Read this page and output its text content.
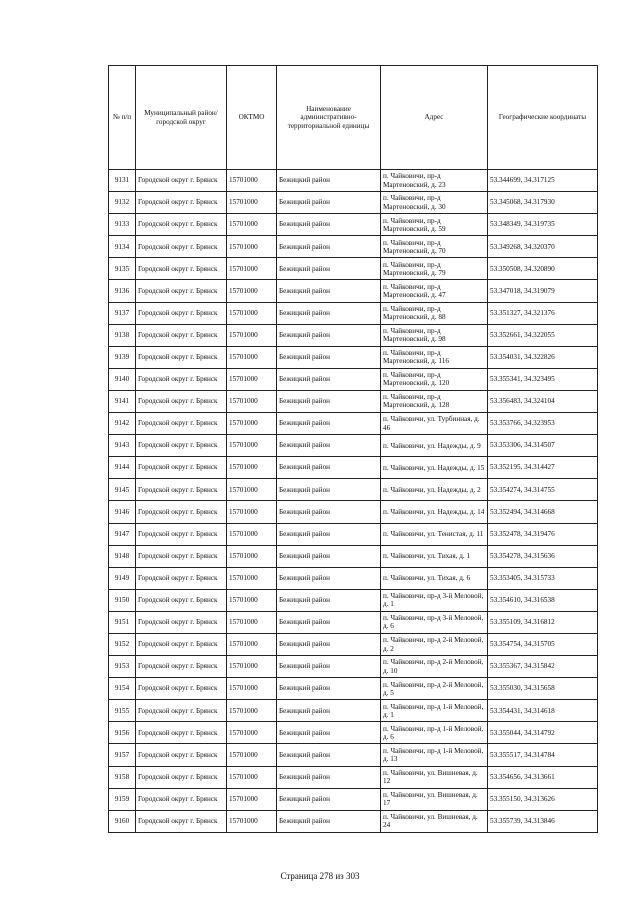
№ п/п	Муниципальный район/городской округ	ОКТМО	Наименование административно-территориальной единицы	Адрес	Географические координаты
9131	Городской округ г. Брянск	15701000	Бежицкий район	п. Чайковичи, пр-д Мартеновский, д. 23	53.344699, 34.317125
9132	Городской округ г. Брянск	15701000	Бежицкий район	п. Чайковичи, пр-д Мартеновский, д. 30	53.345068, 34.317930
9133	Городской округ г. Брянск	15701000	Бежицкий район	п. Чайковичи, пр-д Мартеновский, д. 59	53.348349, 34.319735
9134	Городской округ г. Брянск	15701000	Бежицкий район	п. Чайковичи, пр-д Мартеновский, д. 70	53.349268, 34.320370
9135	Городской округ г. Брянск	15701000	Бежицкий район	п. Чайковичи, пр-д Мартеновский, д. 79	53.350508, 34.320890
9136	Городской округ г. Брянск	15701000	Бежицкий район	п. Чайковичи, пр-д Мартеновский, д. 47	53.347018, 34.319079
9137	Городской округ г. Брянск	15701000	Бежицкий район	п. Чайковичи, пр-д Мартеновский, д. 88	53.351327, 34.321376
9138	Городской округ г. Брянск	15701000	Бежицкий район	п. Чайковичи, пр-д Мартеновский, д. 98	53.352661, 34.322055
9139	Городской округ г. Брянск	15701000	Бежицкий район	п. Чайковичи, пр-д Мартеновский, д. 116	53.354031, 34.322826
9140	Городской округ г. Брянск	15701000	Бежицкий район	п. Чайковичи, пр-д Мартеновский, д. 120	53.355341, 34.323495
9141	Городской округ г. Брянск	15701000	Бежицкий район	п. Чайковичи, пр-д Мартеновский, д. 128	53.356483, 34.324104
9142	Городской округ г. Брянск	15701000	Бежицкий район	п. Чайковичи, ул. Турбинная, д. 46	53.353766, 34.323953
9143	Городской округ г. Брянск	15701000	Бежицкий район	п. Чайковичи, ул. Надежды, д. 9	53.353306, 34.314507
9144	Городской округ г. Брянск	15701000	Бежицкий район	п. Чайковичи, ул. Надежды, д. 15	53.352195, 34.314427
9145	Городской округ г. Брянск	15701000	Бежицкий район	п. Чайковичи, ул. Надежды, д. 2	53.354274, 34.314755
9146	Городской округ г. Брянск	15701000	Бежицкий район	п. Чайковичи, ул. Надежды, д. 14	53.352494, 34.314668
9147	Городской округ г. Брянск	15701000	Бежицкий район	п. Чайковичи, ул. Тенистая, д. 11	53.352478, 34.319476
9148	Городской округ г. Брянск	15701000	Бежицкий район	п. Чайковичи, ул. Тихая, д. 1	53.354278, 34.315636
9149	Городской округ г. Брянск	15701000	Бежицкий район	п. Чайковичи, ул. Тихая, д. 6	53.353405, 34.315733
9150	Городской округ г. Брянск	15701000	Бежицкий район	п. Чайковичи, пр-д 3-й Меловой, д. 1	53.354610, 34.316538
9151	Городской округ г. Брянск	15701000	Бежицкий район	п. Чайковичи, пр-д 3-й Меловой, д. 6	53.355109, 34.316812
9152	Городской округ г. Брянск	15701000	Бежицкий район	п. Чайковичи, пр-д 2-й Меловой, д. 2	53.354754, 34.315705
9153	Городской округ г. Брянск	15701000	Бежицкий район	п. Чайковичи, пр-д 2-й Меловой, д. 10	53.355367, 34.315842
9154	Городской округ г. Брянск	15701000	Бежицкий район	п. Чайковичи, пр-д 2-й Меловой, д. 5	53.355030, 34.315658
9155	Городской округ г. Брянск	15701000	Бежицкий район	п. Чайковичи, пр-д 1-й Меловой, д. 1	53.354431, 34.314618
9156	Городской округ г. Брянск	15701000	Бежицкий район	п. Чайковичи, пр-д 1-й Меловой, д. 6	53.355044, 34.314792
9157	Городской округ г. Брянск	15701000	Бежицкий район	п. Чайковичи, пр-д 1-й Меловой, д. 13	53.355517, 34.314784
9158	Городской округ г. Брянск	15701000	Бежицкий район	п. Чайковичи, ул. Вишневая, д. 12	53.354656, 34.313661
9159	Городской округ г. Брянск	15701000	Бежицкий район	п. Чайковичи, ул. Вишневая, д. 17	53.355150, 34.313626
9160	Городской округ г. Брянск	15701000	Бежицкий район	п. Чайковичи, ул. Вишневая, д. 24	53.355739, 34.313846
Страница 278 из 303
